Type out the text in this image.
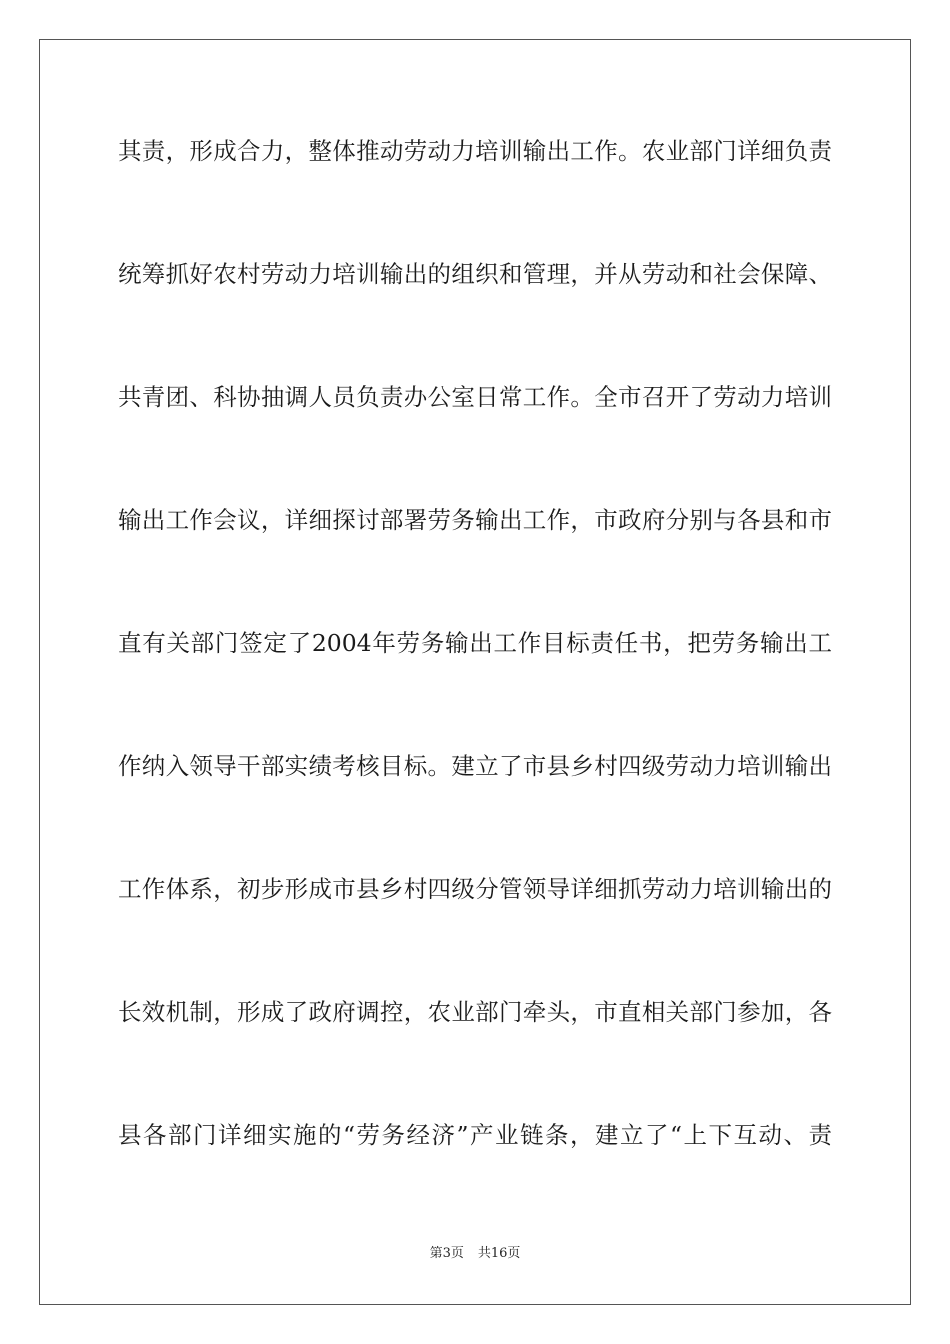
其责，形成合力，整体推动劳动力培训输出工作。农业部门详细负责
统筹抓好农村劳动力培训输出的组织和管理，并从劳动和社会保障、
共青团、科协抽调人员负责办公室日常工作。全市召开了劳动力培训
输出工作会议，详细探讨部署劳务输出工作，市政府分别与各县和市
直有关部门签定了2004年劳务输出工作目标责任书，把劳务输出工
作纳入领导干部实绩考核目标。建立了市县乡村四级劳动力培训输出
工作体系，初步形成市县乡村四级分管领导详细抓劳动力培训输出的
长效机制，形成了政府调控，农业部门牵头，市直相关部门参加，各
县各部门详细实施的“劳务经济”产业链条，建立了“上下互动、责
第3页 共16页
